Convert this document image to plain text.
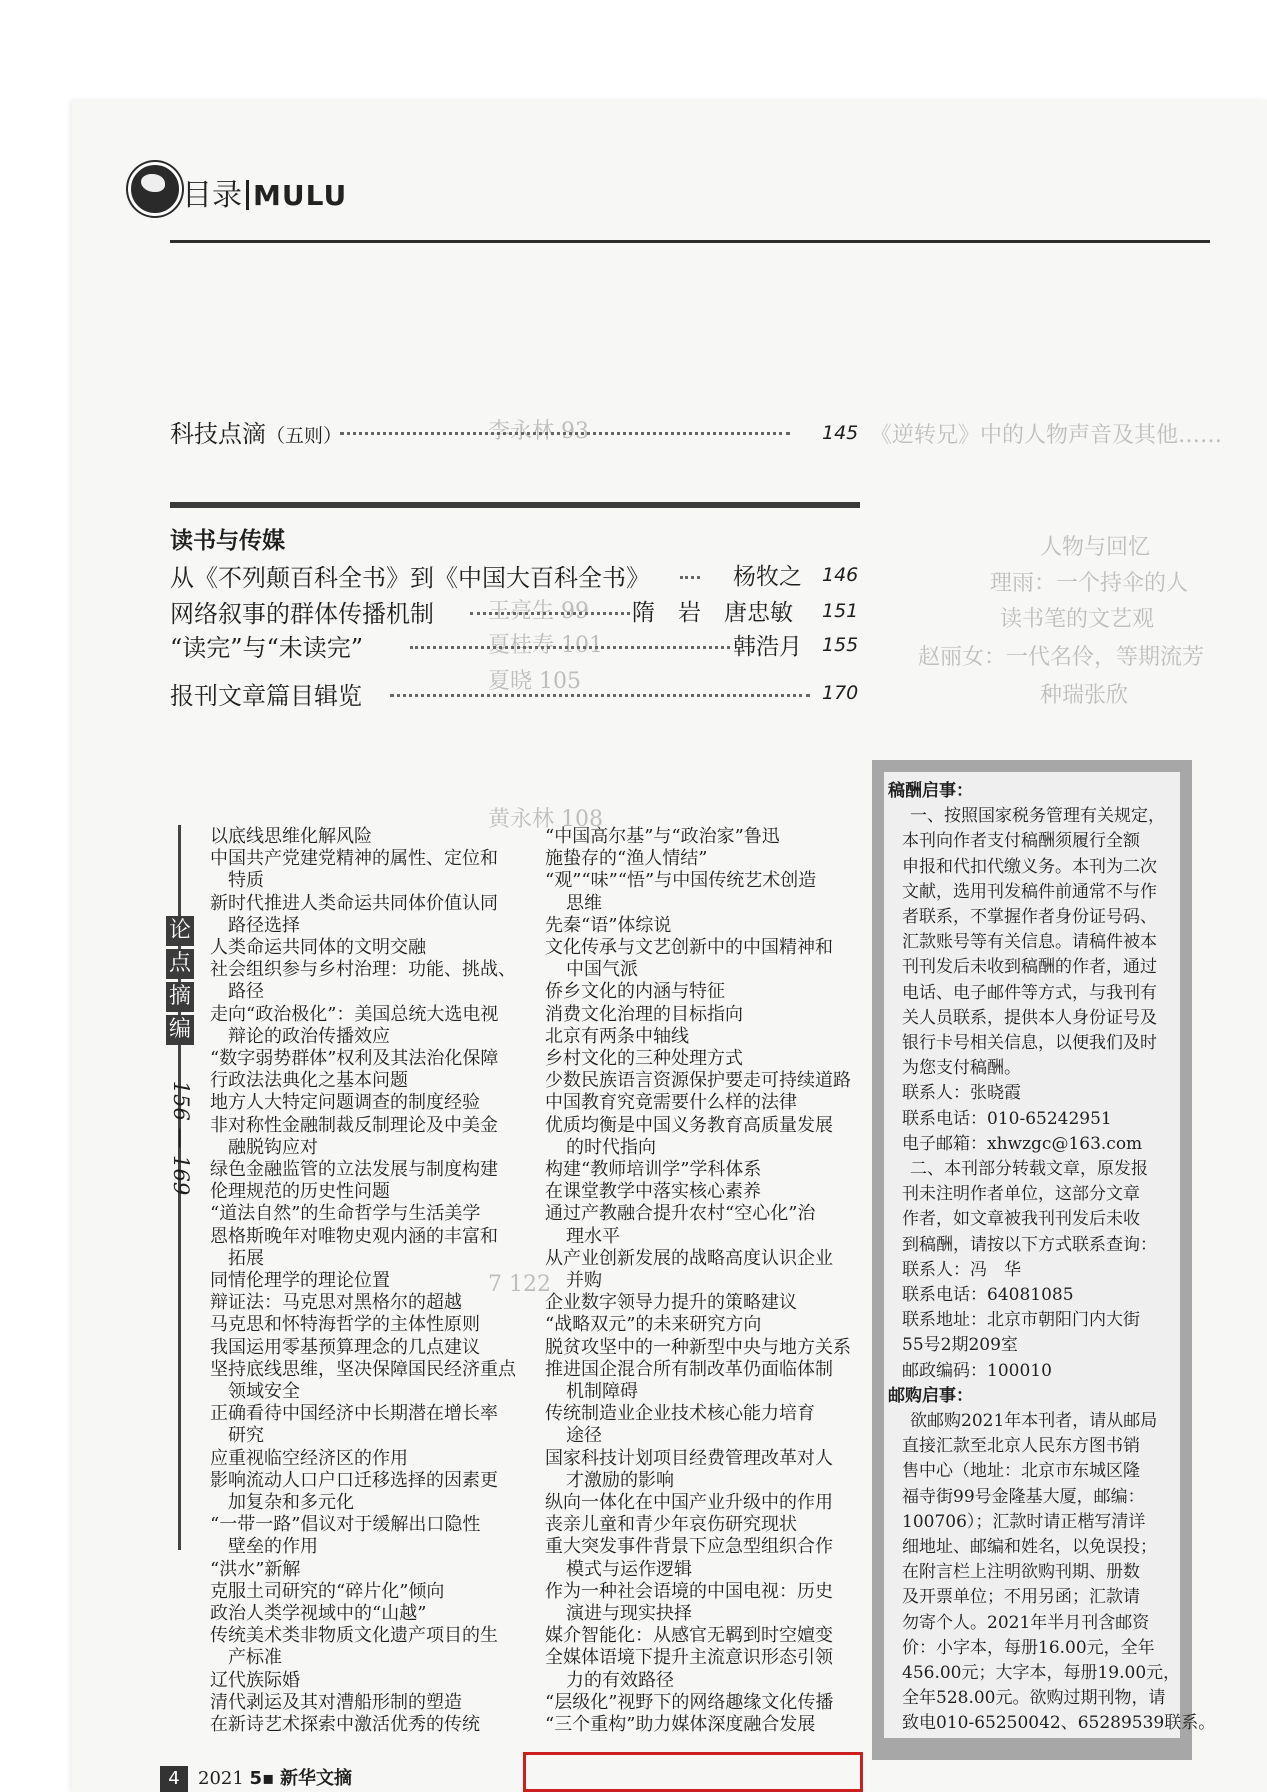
《逆转兄》中的人物声音及其他……
人物与回忆
理雨：一个持伞的人
读书笔的文艺观
赵丽女：一代名伶，等期流芳
种瑞张欣
李永林 93
王亮生 99
夏桂寿 101
夏晓 105
黄永林 108
7 122
目录 MULU
科技点滴（五则）	145
读书与传媒
从《不列颠百科全书》到《中国大百科全书》	杨牧之 146
网络叙事的群体传播机制	隋　岩　唐忠敏 151
“读完”与“未读完”	韩浩月 155
报刊文章篇目辑览	170
论
点
摘
编
156 — 169
以底线思维化解风险
中国共产党建党精神的属性、定位和
特质
新时代推进人类命运共同体价值认同
路径选择
人类命运共同体的文明交融
社会组织参与乡村治理：功能、挑战、
路径
走向“政治极化”：美国总统大选电视
辩论的政治传播效应
“数字弱势群体”权利及其法治化保障
行政法法典化之基本问题
地方人大特定问题调查的制度经验
非对称性金融制裁反制理论及中美金
融脱钩应对
绿色金融监管的立法发展与制度构建
伦理规范的历史性问题
“道法自然”的生命哲学与生活美学
恩格斯晚年对唯物史观内涵的丰富和
拓展
同情伦理学的理论位置
辩证法：马克思对黑格尔的超越
马克思和怀特海哲学的主体性原则
我国运用零基预算理念的几点建议
坚持底线思维，坚决保障国民经济重点
领域安全
正确看待中国经济中长期潜在增长率
研究
应重视临空经济区的作用
影响流动人口户口迁移选择的因素更
加复杂和多元化
“一带一路”倡议对于缓解出口隐性
壁垒的作用
“洪水”新解
克服土司研究的“碎片化”倾向
政治人类学视域中的“山越”
传统美术类非物质文化遗产项目的生
产标准
辽代族际婚
清代剥运及其对漕船形制的塑造
在新诗艺术探索中激活优秀的传统
“中国高尔基”与“政治家”鲁迅
施蛰存的“渔人情结”
“观”“味”“悟”与中国传统艺术创造
思维
先秦“语”体综说
文化传承与文艺创新中的中国精神和
中国气派
侨乡文化的内涵与特征
消费文化治理的目标指向
北京有两条中轴线
乡村文化的三种处理方式
少数民族语言资源保护要走可持续道路
中国教育究竟需要什么样的法律
优质均衡是中国义务教育高质量发展
的时代指向
构建“教师培训学”学科体系
在课堂教学中落实核心素养
通过产教融合提升农村“空心化”治
理水平
从产业创新发展的战略高度认识企业
并购
企业数字领导力提升的策略建议
“战略双元”的未来研究方向
脱贫攻坚中的一种新型中央与地方关系
推进国企混合所有制改革仍面临体制
机制障碍
传统制造业企业技术核心能力培育
途径
国家科技计划项目经费管理改革对人
才激励的影响
纵向一体化在中国产业升级中的作用
丧亲儿童和青少年哀伤研究现状
重大突发事件背景下应急型组织合作
模式与运作逻辑
作为一种社会语境的中国电视：历史
演进与现实抉择
媒介智能化：从感官无羁到时空嬗变
全媒体语境下提升主流意识形态引领
力的有效路径
“层级化”视野下的网络趣缘文化传播
“三个重构”助力媒体深度融合发展
稿酬启事：
一、按照国家税务管理有关规定，
本刊向作者支付稿酬须履行全额
申报和代扣代缴义务。本刊为二次
文献，选用刊发稿件前通常不与作
者联系，不掌握作者身份证号码、
汇款账号等有关信息。请稿件被本
刊刊发后未收到稿酬的作者，通过
电话、电子邮件等方式，与我刊有
关人员联系，提供本人身份证号及
银行卡号相关信息，以便我们及时
为您支付稿酬。
联系人：张晓霞
联系电话：010-65242951
电子邮箱：xhwzgc@163.com
二、本刊部分转载文章，原发报
刊未注明作者单位，这部分文章
作者，如文章被我刊刊发后未收
到稿酬，请按以下方式联系查询：
联系人：冯　华
联系电话：64081085
联系地址：北京市朝阳门内大街
55号2期209室
邮政编码：100010
邮购启事：
欲邮购2021年本刊者，请从邮局
直接汇款至北京人民东方图书销
售中心（地址：北京市东城区隆
福寺街99号金隆基大厦，邮编：
100706）；汇款时请正楷写清详
细地址、邮编和姓名，以免误投；
在附言栏上注明欲购刊期、册数
及开票单位；不用另函；汇款请
勿寄个人。2021年半月刊含邮资
价：小字本，每册16.00元，全年
456.00元；大字本，每册19.00元，
全年528.00元。欲购过期刊物，请
致电010-65250042、65289539联系。
4	2021 5▪ 新华文摘
